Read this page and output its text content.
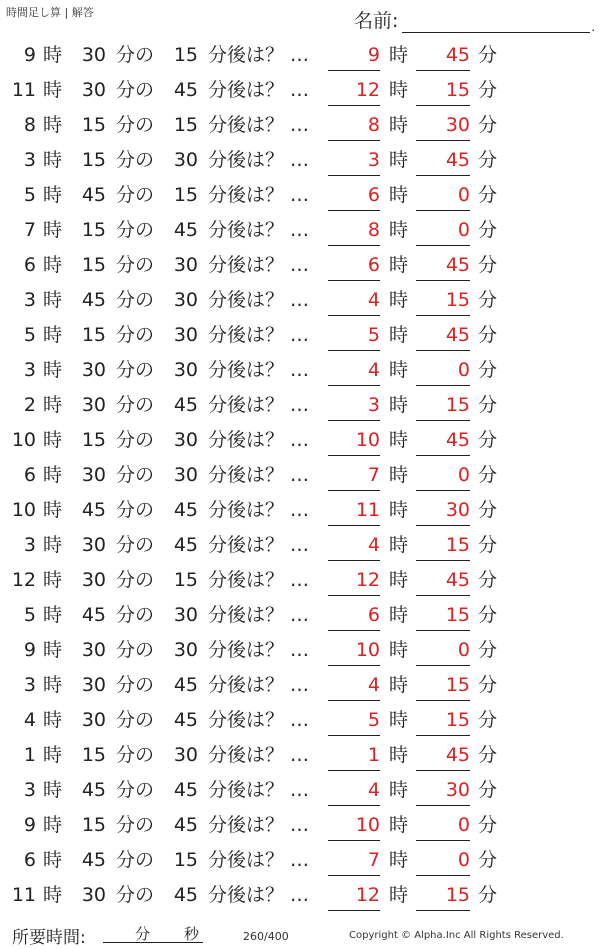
時間足し算 | 解答	名前:	.
9 時	30 分の	15 分後は？ …	9 時	45 分
11 時	30 分の	45 分後は？ …	12 時	15 分
8 時	15 分の	15 分後は？ …	8 時	30 分
3 時	15 分の	30 分後は？ …	3 時	45 分
5 時	45 分の	15 分後は？ …	6 時	0 分
7 時	15 分の	45 分後は？ …	8 時	0 分
6 時	15 分の	30 分後は？ …	6 時	45 分
3 時	45 分の	30 分後は？ …	4 時	15 分
5 時	15 分の	30 分後は？ …	5 時	45 分
3 時	30 分の	30 分後は？ …	4 時	0 分
2 時	30 分の	45 分後は？ …	3 時	15 分
10 時	15 分の	30 分後は？ …	10 時	45 分
6 時	30 分の	30 分後は？ …	7 時	0 分
10 時	45 分の	45 分後は？ …	11 時	30 分
3 時	30 分の	45 分後は？ …	4 時	15 分
12 時	30 分の	15 分後は？ …	12 時	45 分
5 時	45 分の	30 分後は？ …	6 時	15 分
9 時	30 分の	30 分後は？ …	10 時	0 分
3 時	30 分の	45 分後は？ …	4 時	15 分
4 時	30 分の	45 分後は？ …	5 時	15 分
1 時	15 分の	30 分後は？ …	1 時	45 分
3 時	45 分の	45 分後は？ …	4 時	30 分
9 時	15 分の	45 分後は？ …	10 時	0 分
6 時	45 分の	15 分後は？ …	7 時	0 分
11 時	30 分の	45 分後は？ …	12 時	15 分
所要時間:	分 秒	260/400	Copyright © Alpha.Inc All Rights Reserved.
